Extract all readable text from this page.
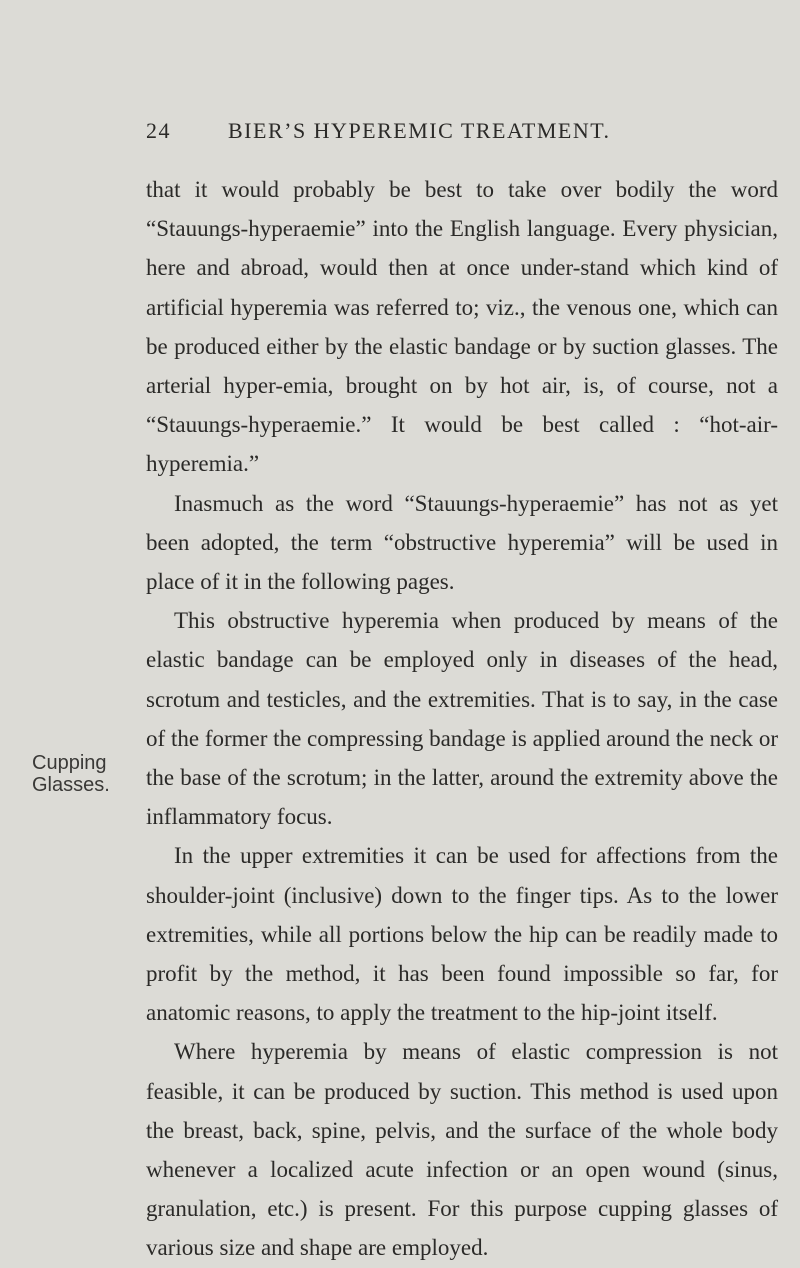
24	BIER’S HYPEREMIC TREATMENT.
Cupping
Glasses.

that it would probably be best to take over bodily the word “Stauungs-hyperaemie” into the English language. Every physician, here and abroad, would then at once under-stand which kind of artificial hyperemia was referred to; viz., the venous one, which can be produced either by the elastic bandage or by suction glasses. The arterial hyper-emia, brought on by hot air, is, of course, not a “Stauungs-hyperaemie.” It would be best called : “hot-air-hyperemia.”

Inasmuch as the word “Stauungs-hyperaemie” has not as yet been adopted, the term “obstructive hyperemia” will be used in place of it in the following pages.

This obstructive hyperemia when produced by means of the elastic bandage can be employed only in diseases of the head, scrotum and testicles, and the extremities. That is to say, in the case of the former the compressing bandage is applied around the neck or the base of the scrotum; in the latter, around the extremity above the inflammatory focus.

In the upper extremities it can be used for affections from the shoulder-joint (inclusive) down to the finger tips. As to the lower extremities, while all portions below the hip can be readily made to profit by the method, it has been found impossible so far, for anatomic reasons, to apply the treatment to the hip-joint itself.

Where hyperemia by means of elastic compression is not feasible, it can be produced by suction. This method is used upon the breast, back, spine, pelvis, and the surface of the whole body whenever a localized acute infection or an open wound (sinus, granulation, etc.) is present. For this purpose cupping glasses of various size and shape are employed.
